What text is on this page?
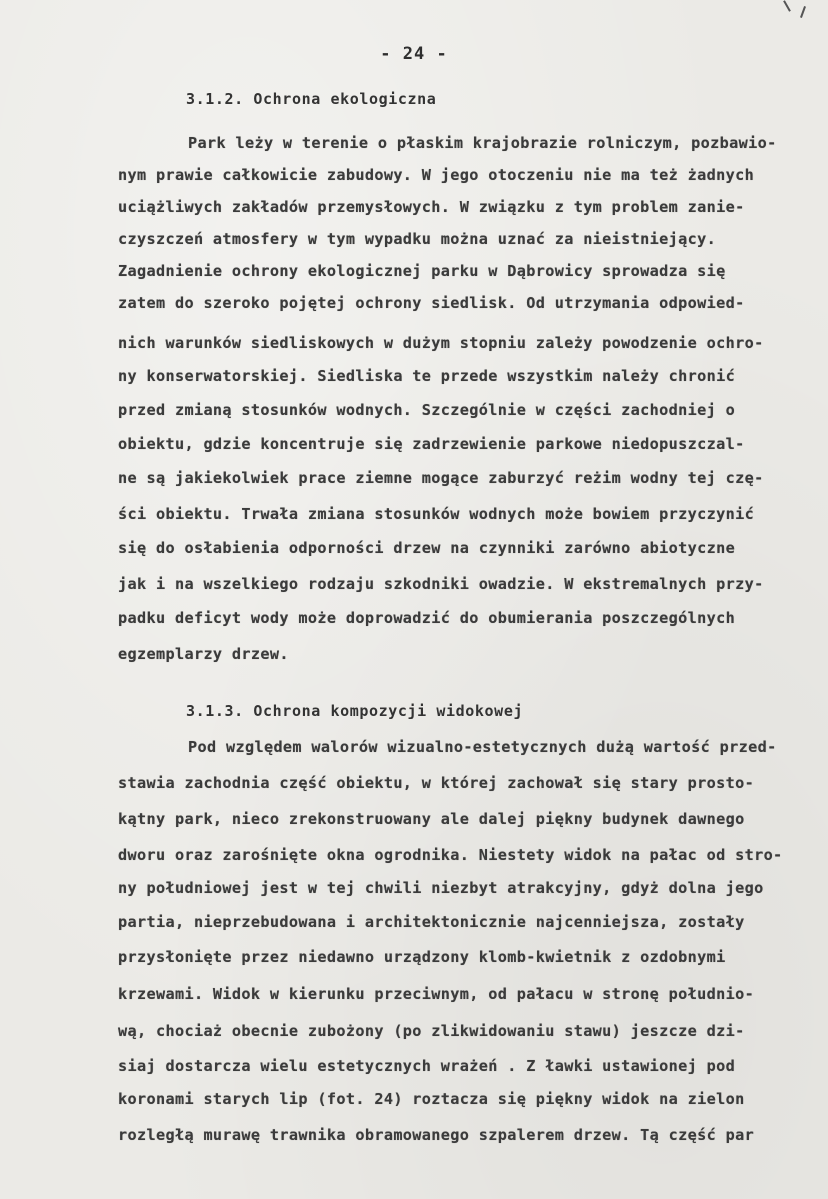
- 24 -
3.1.2. Ochrona ekologiczna
Park leży w terenie o płaskim krajobrazie rolniczym, pozbawio-
nym prawie całkowicie zabudowy. W jego otoczeniu nie ma też żadnych
uciążliwych zakładów przemysłowych. W związku z tym problem zanie-
czyszczeń atmosfery w tym wypadku można uznać za nieistniejący.
Zagadnienie ochrony ekologicznej parku w Dąbrowicy sprowadza się
zatem do szeroko pojętej ochrony siedlisk. Od utrzymania odpowied-
nich warunków siedliskowych w dużym stopniu zależy powodzenie ochro-
ny konserwatorskiej. Siedliska te przede wszystkim należy chronić
przed zmianą stosunków wodnych. Szczególnie w części zachodniej o
obiektu, gdzie koncentruje się zadrzewienie parkowe niedopuszczal-
ne są jakiekolwiek prace ziemne mogące zaburzyć reżim wodny tej czę-
ści obiektu. Trwała zmiana stosunków wodnych może bowiem przyczynić
się do osłabienia odporności drzew na czynniki zarówno abiotyczne
jak i na wszelkiego rodzaju szkodniki owadzie. W ekstremalnych przy-
padku deficyt wody może doprowadzić do obumierania poszczególnych
egzemplarzy drzew.
3.1.3. Ochrona kompozycji widokowej
Pod względem walorów wizualno-estetycznych dużą wartość przed-
stawia zachodnia część obiektu, w której zachował się stary prosto-
kątny park, nieco zrekonstruowany ale dalej piękny budynek dawnego
dworu oraz zarośnięte okna ogrodnika. Niestety widok na pałac od stro-
ny południowej jest w tej chwili niezbyt atrakcyjny, gdyż dolna jego
partia, nieprzebudowana i architektonicznie najcenniejsza, zostały
przysłonięte przez niedawno urządzony klomb-kwietnik z ozdobnymi
krzewami. Widok w kierunku przeciwnym, od pałacu w stronę południo-
wą, chociaż obecnie zubożony (po zlikwidowaniu stawu) jeszcze dzi-
siaj dostarcza wielu estetycznych wrażeń . Z ławki ustawionej pod
koronami starych lip (fot. 24) roztacza się piękny widok na zielon
rozległą murawę trawnika obramowanego szpalerem drzew. Tą część par
